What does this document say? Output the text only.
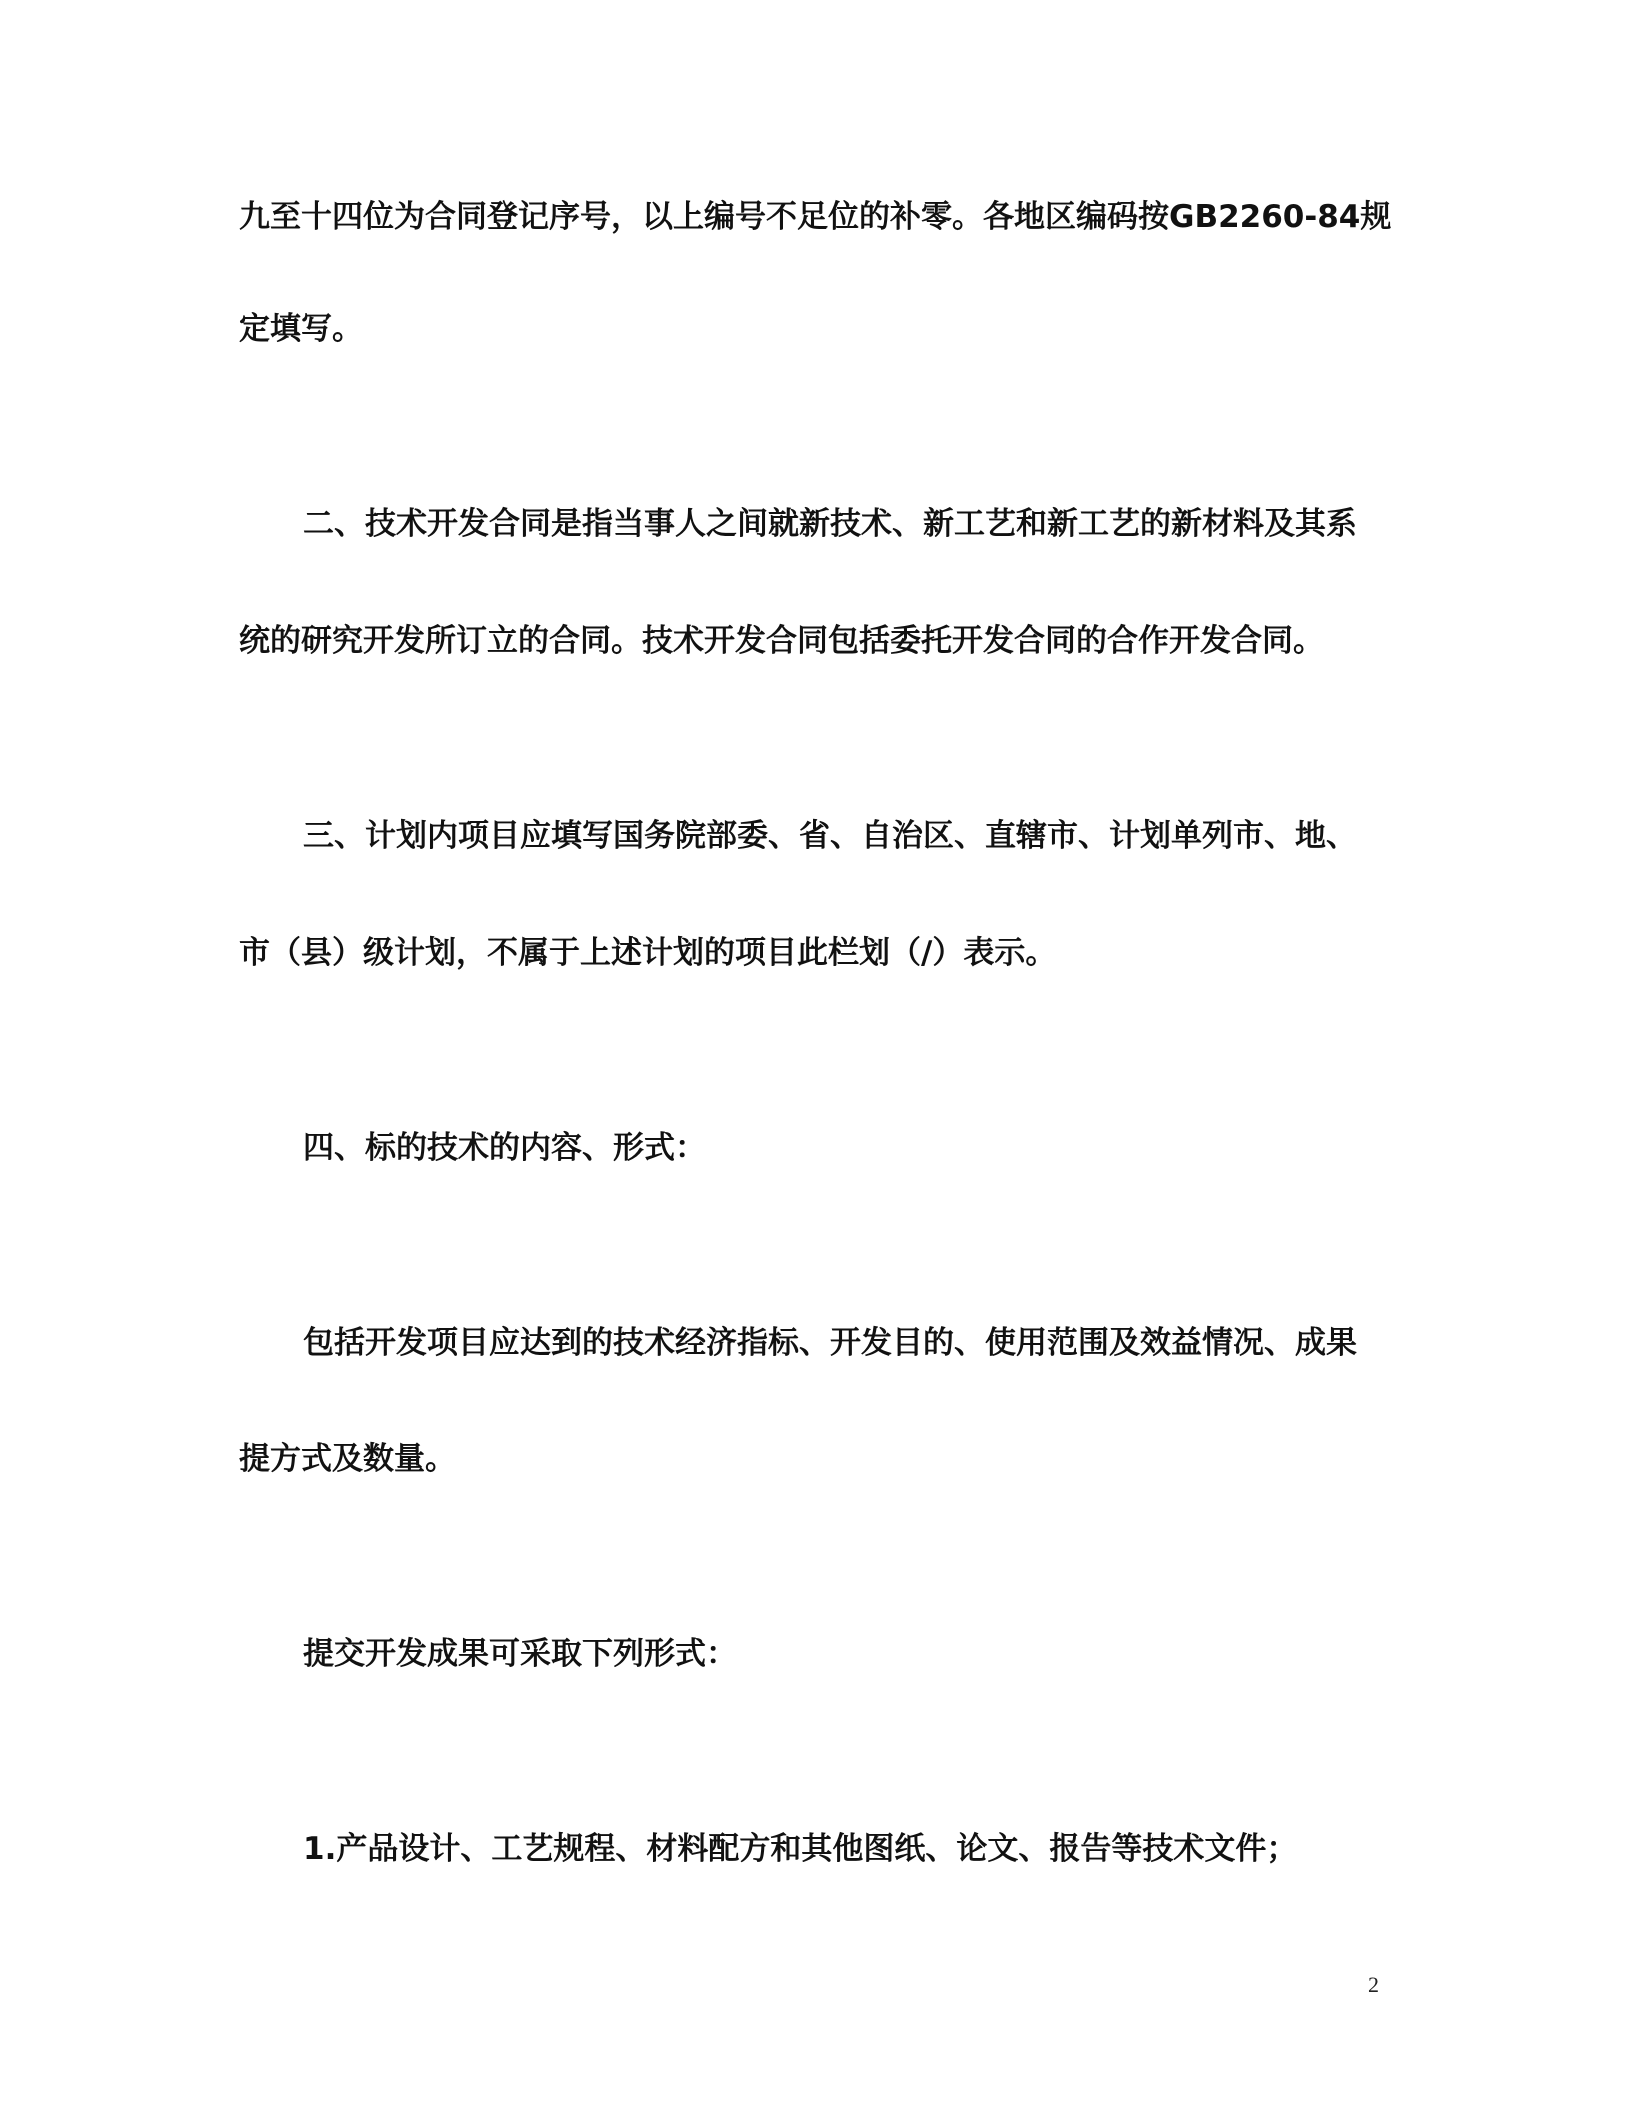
九至十四位为合同登记序号，以上编号不足位的补零。各地区编码按GB2260-84规

定填写。

二、技术开发合同是指当事人之间就新技术、新工艺和新工艺的新材料及其系

统的研究开发所订立的合同。技术开发合同包括委托开发合同的合作开发合同。

三、计划内项目应填写国务院部委、省、自治区、直辖市、计划单列市、地、

市（县）级计划，不属于上述计划的项目此栏划（/）表示。

四、标的技术的内容、形式：

包括开发项目应达到的技术经济指标、开发目的、使用范围及效益情况、成果

提方式及数量。

提交开发成果可采取下列形式：

1.产品设计、工艺规程、材料配方和其他图纸、论文、报告等技术文件；

2
